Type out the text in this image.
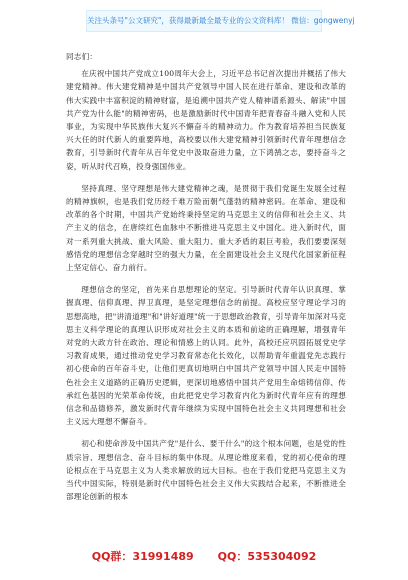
关注头条号"公文研究"，获得最新最全最专业的公文资料库！ 微信：gongwenyj

同志们：

在庆祝中国共产党成立100周年大会上，习近平总书记首次提出并概括了伟大建党精神。伟大建党精神是中国共产党领导中国人民在进行革命、建设和改革的伟大实践中丰富积淀的精神财富，是追溯中国共产党人精神谱系源头、解读"中国共产党为什么能"的精神密码，也是激励新时代中国青年把青春奋斗融入党和人民事业，为实现中华民族伟大复兴不懈奋斗的精神动力。作为教育培养担当民族复兴大任的时代新人的重要阵地，高校要以伟大建党精神引领新时代青年理想信念教育，引导新时代青年从百年党史中汲取奋进力量，立下鸿鹄之志，要持奋斗之姿，听从时代召唤，投身强国伟业。

坚持真理、坚守理想是伟大建党精神之魂，是贯彻于我们党诞生发展全过程的精神旗帜，也是我们党历经千难万险而朝气蓬勃的精神密码。在革命、建设和改革的各个时期，中国共产党始终秉持坚定的马克思主义的信仰和社会主义、共产主义的信念，在唐续红色血脉中不断推进马克思主义中国化。进入新时代，面对一系列重大挑战、重大风险、重大阻力、重大矛盾的艰巨考验，我们要要深刻感悟党的理想信念穿越时空的强大力量，在全面建设社会主义现代化国家新征程上坚定信心、奋力前行。

理想信念的坚定，首先来自思想理论的坚定。引导新时代青年认识真理、掌握真理、信仰真理、捍卫真理，是坚定理想信念的前提。高校应坚守理论学习的思想高地，把"讲清道理"和"讲好道理"统一于思想政治教育，引导青年加深对马克思主义科学理论的真理认识形成对社会主义的本质和前途的正确理解，增强青年对党的大政方针在政治、理论和情感上的认同。此外，高校还应巩固拓展党史学习教育成果，通过推动党史学习教育常态化长效化，以帮助青年重温党先志践行初心使命的百年奋斗史，让他们更真切地明白中国共产党领导中国人民走中国特色社会主义道路的正确历史逻辑，更深切地感悟中国共产党用生命熔铸信仰、传承红色基因的光荣革命传统，由此把党史学习教育内化为新时代青年应有的理想信念和品德修养，激发新时代青年继续为实现中国特色社会主义共同理想和社会主义远大理想不懈奋斗。

初心和使命涉及中国共产党"是什么、要干什么"的这个根本问题，也是党的性质宗旨、理想信念、奋斗目标的集中体现。从理论维度来看，党的初心使命的理论根点在于马克思主义为人类求解放的远大目标。也在于我们党把马克思主义为当代中国实际，特别是新时代中国特色社会主义伟大实践结合起来，不断推进全部理论创新的根本

QQ群：31991489 QQ：535304092
